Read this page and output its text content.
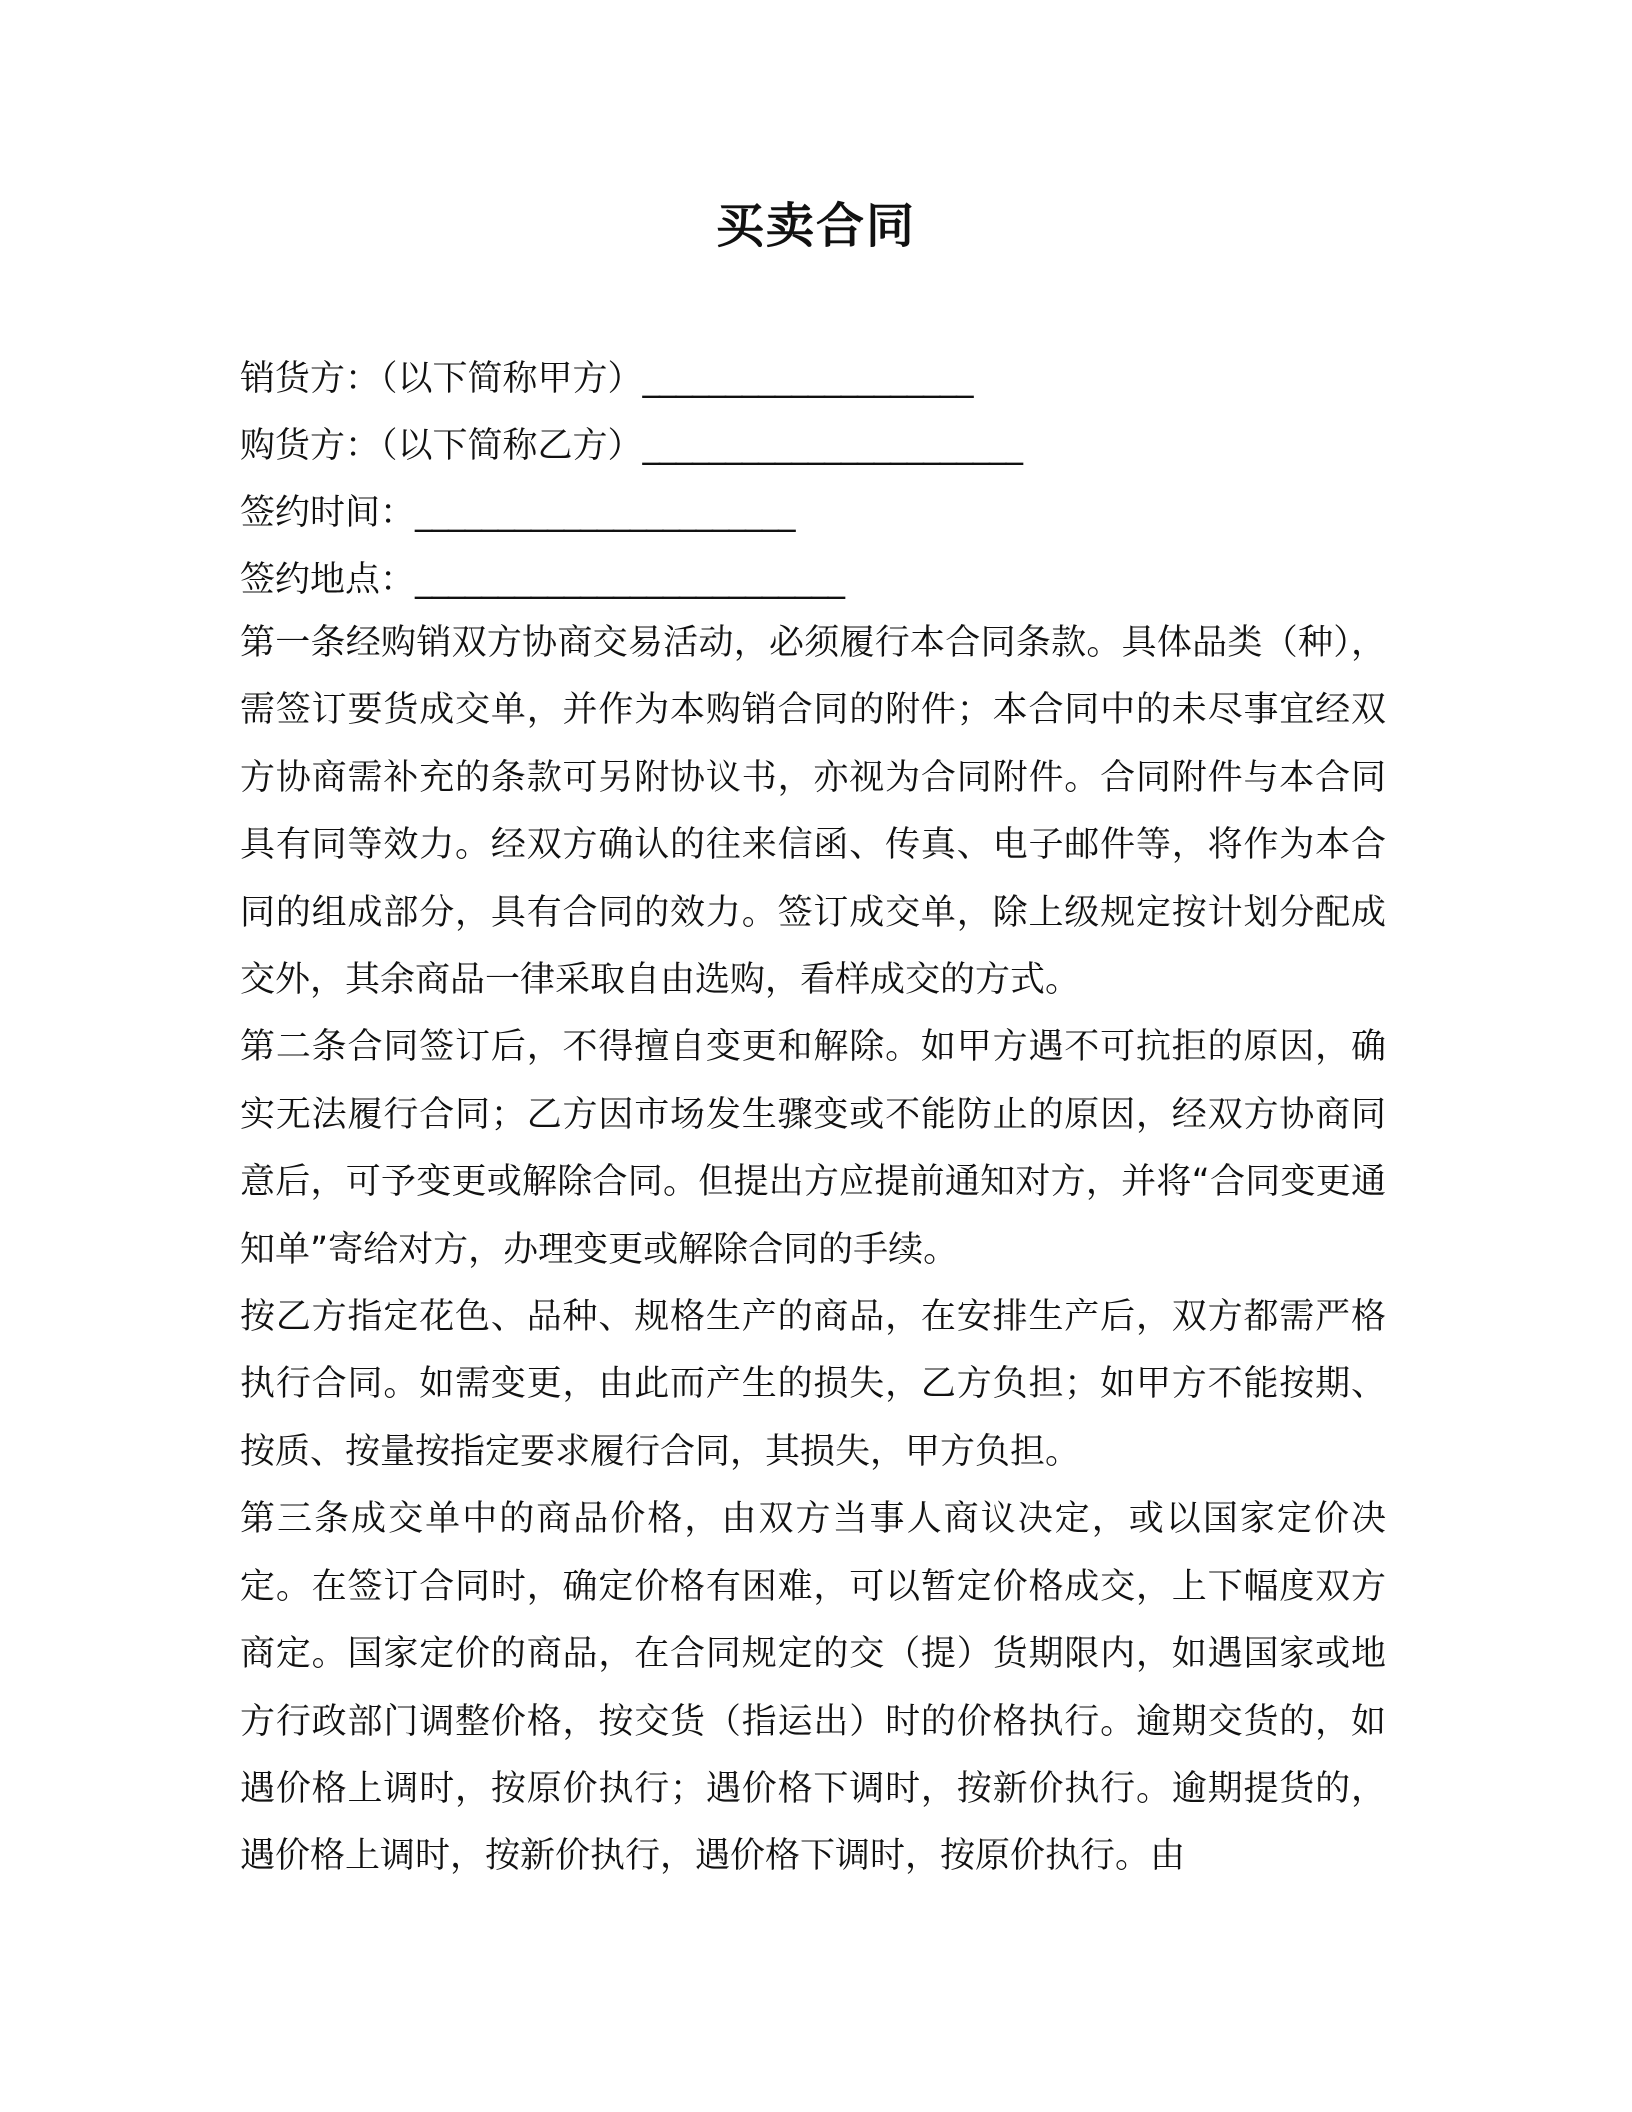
买卖合同
销货方：（以下简称甲方）____________________
购货方：（以下简称乙方）_______________________
签约时间：_______________________
签约地点：__________________________

第一条经购销双方协商交易活动，必须履行本合同条款。具体品类（种），需签订要货成交单，并作为本购销合同的附件；本合同中的未尽事宜经双方协商需补充的条款可另附协议书，亦视为合同附件。合同附件与本合同具有同等效力。经双方确认的往来信函、传真、电子邮件等，将作为本合同的组成部分，具有合同的效力。签订成交单，除上级规定按计划分配成交外，其余商品一律采取自由选购，看样成交的方式。

第二条合同签订后，不得擅自变更和解除。如甲方遇不可抗拒的原因，确实无法履行合同；乙方因市场发生骤变或不能防止的原因，经双方协商同意后，可予变更或解除合同。但提出方应提前通知对方，并将“合同变更通知单”寄给对方，办理变更或解除合同的手续。

按乙方指定花色、品种、规格生产的商品，在安排生产后，双方都需严格执行合同。如需变更，由此而产生的损失，乙方负担；如甲方不能按期、按质、按量按指定要求履行合同，其损失，甲方负担。

第三条成交单中的商品价格，由双方当事人商议决定，或以国家定价决定。在签订合同时，确定价格有困难，可以暂定价格成交，上下幅度双方商定。国家定价的商品，在合同规定的交（提）货期限内，如遇国家或地方行政部门调整价格，按交货（指运出）时的价格执行。逾期交货的，如遇价格上调时，按原价执行；遇价格下调时，按新价执行。逾期提货的，遇价格上调时，按新价执行，遇价格下调时，按原价执行。由
